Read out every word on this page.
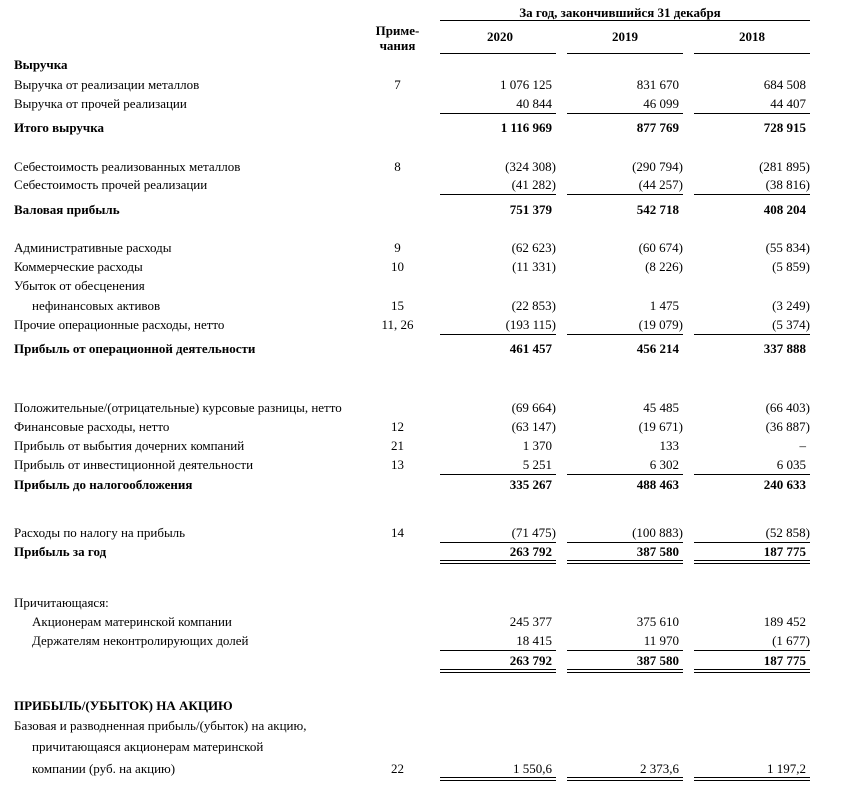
За год, закончившийся 31 декабря
Приме-
чания
2020	2019	2018
Выручка
Выручка от реализации металлов	7	1 076 125	831 670	684 508
Выручка от прочей реализации	40 844	46 099	44 407
Итого выручка	1 116 969	877 769	728 915
Себестоимость реализованных металлов	8	(324 308)	(290 794)	(281 895)
Себестоимость прочей реализации	(41 282)	(44 257)	(38 816)
Валовая прибыль	751 379	542 718	408 204
Административные расходы	9	(62 623)	(60 674)	(55 834)
Коммерческие расходы	10	(11 331)	(8 226)	(5 859)
Убыток от обесценения
нефинансовых активов	15	(22 853)	1 475	(3 249)
Прочие операционные расходы, нетто	11, 26	(193 115)	(19 079)	(5 374)
Прибыль от операционной деятельности	461 457	456 214	337 888
Положительные/(отрицательные) курсовые разницы, нетто	(69 664)	45 485	(66 403)
Финансовые расходы, нетто	12	(63 147)	(19 671)	(36 887)
Прибыль от выбытия дочерних компаний	21	1 370	133	–
Прибыль от инвестиционной деятельности	13	5 251	6 302	6 035
Прибыль до налогообложения	335 267	488 463	240 633
Расходы по налогу на прибыль	14	(71 475)	(100 883)	(52 858)
Прибыль за год	263 792	387 580	187 775
Причитающаяся:
Акционерам материнской компании	245 377	375 610	189 452
Держателям неконтролирующих долей	18 415	11 970	(1 677)
263 792	387 580	187 775
ПРИБЫЛЬ/(УБЫТОК) НА АКЦИЮ
Базовая и разводненная прибыль/(убыток) на акцию,
причитающаяся акционерам материнской
компании (руб. на акцию)	22	1 550,6	2 373,6	1 197,2
